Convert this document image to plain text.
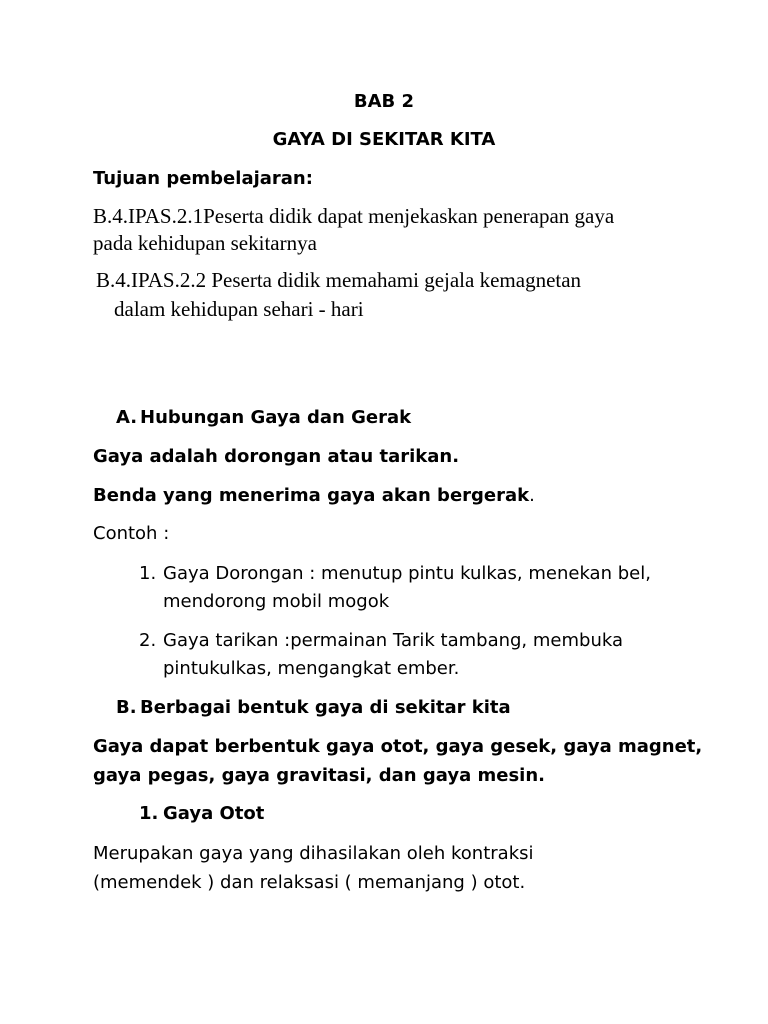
BAB 2
GAYA DI SEKITAR KITA
Tujuan pembelajaran:
B.4.IPAS.2.1Peserta didik dapat menjekaskan penerapan gaya
pada kehidupan sekitarnya
B.4.IPAS.2.2 Peserta didik memahami gejala kemagnetan
dalam kehidupan sehari - hari
A. Hubungan Gaya dan Gerak
Gaya adalah dorongan atau tarikan.
Benda yang menerima gaya akan bergerak.
Contoh :
1. Gaya Dorongan : menutup pintu kulkas, menekan bel,
mendorong mobil mogok
2. Gaya tarikan :permainan Tarik tambang, membuka
pintukulkas, mengangkat ember.
B. Berbagai bentuk gaya di sekitar kita
Gaya dapat berbentuk gaya otot, gaya gesek, gaya magnet,
gaya pegas, gaya gravitasi, dan gaya mesin.
1. Gaya Otot
Merupakan gaya yang dihasilakan oleh kontraksi
(memendek ) dan relaksasi ( memanjang ) otot.
